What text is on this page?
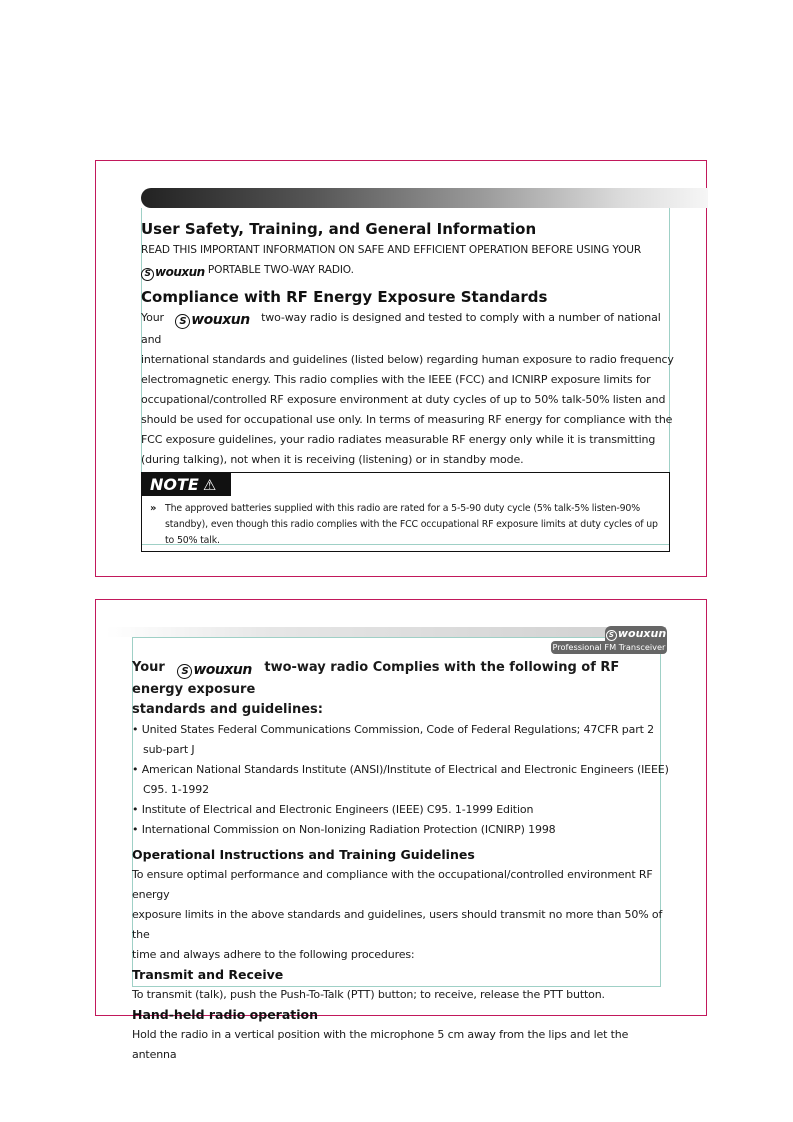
User Safety, Training, and General Information
READ THIS IMPORTANT INFORMATION ON SAFE AND EFFICIENT OPERATION BEFORE USING YOUR
S wouxun PORTABLE TWO-WAY RADIO.
Compliance with RF Energy Exposure Standards

Your S wouxun two-way radio is designed and tested to comply with a number of national and

international standards and guidelines (listed below) regarding human exposure to radio frequency

electromagnetic energy. This radio complies with the IEEE (FCC) and ICNIRP exposure limits for

occupational/controlled RF exposure environment at duty cycles of up to 50% talk-50% listen and

should be used for occupational use only. In terms of measuring RF energy for compliance with the

FCC exposure guidelines, your radio radiates measurable RF energy only while it is transmitting

(during talking), not when it is receiving (listening) or in standby mode.

NOTE ⚠
» The approved batteries supplied with this radio are rated for a 5-5-90 duty cycle (5% talk-5% listen-90% standby), even though this radio complies with the FCC occupational RF exposure limits at duty cycles of up to 50% talk.
S wouxun
Professional FM Transceiver
Your S wouxun two-way radio Complies with the following of RF energy exposure
standards and guidelines:
• United States Federal Communications Commission, Code of Federal Regulations; 47CFR part 2 sub-part J
• American National Standards Institute (ANSI)/Institute of Electrical and Electronic Engineers (IEEE) C95. 1-1992
• Institute of Electrical and Electronic Engineers (IEEE) C95. 1-1999 Edition
• International Commission on Non-Ionizing Radiation Protection (ICNIRP) 1998
Operational Instructions and Training Guidelines

To ensure optimal performance and compliance with the occupational/controlled environment RF energy

exposure limits in the above standards and guidelines, users should transmit no more than 50% of the

time and always adhere to the following procedures:

Transmit and Receive

To transmit (talk), push the Push-To-Talk (PTT) button; to receive, release the PTT button.

Hand-held radio operation

Hold the radio in a vertical position with the microphone 5 cm away from the lips and let the antenna
